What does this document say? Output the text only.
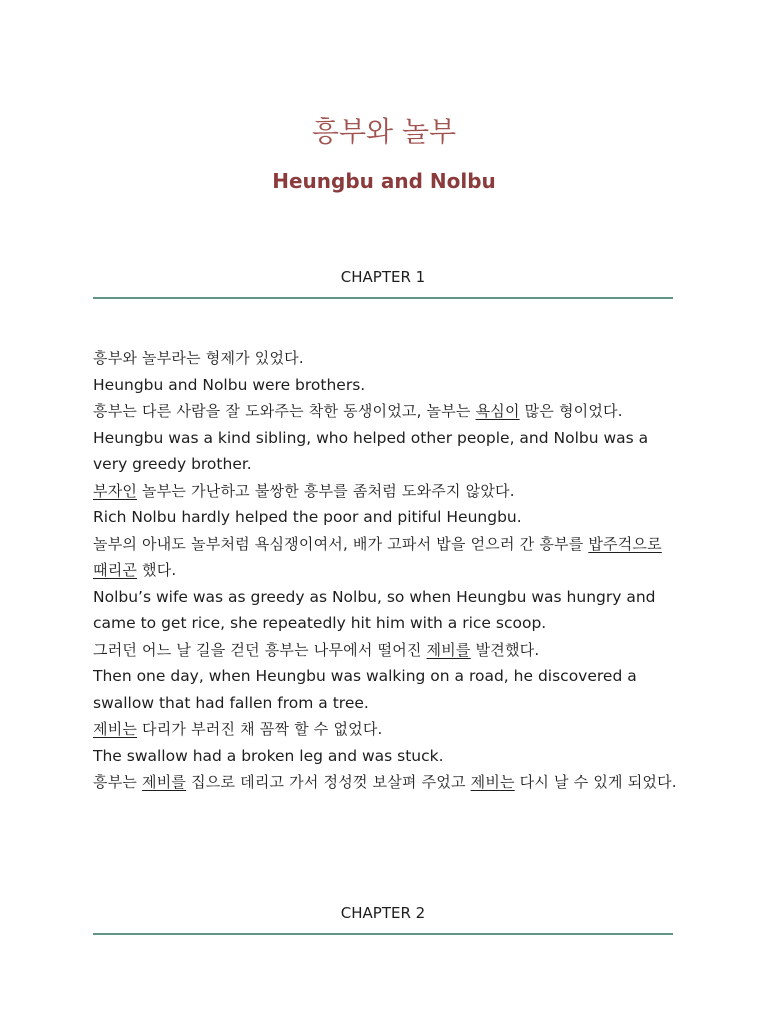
흥부와 놀부
Heungbu and Nolbu
CHAPTER 1
흥부와 놀부라는 형제가 있었다.
Heungbu and Nolbu were brothers.
흥부는 다른 사람을 잘 도와주는 착한 동생이었고, 놀부는 욕심이 많은 형이었다.
Heungbu was a kind sibling, who helped other people, and Nolbu was a very greedy brother.
부자인 놀부는 가난하고 불쌍한 흥부를 좀처럼 도와주지 않았다.
Rich Nolbu hardly helped the poor and pitiful Heungbu.
놀부의 아내도 놀부처럼 욕심쟁이여서, 배가 고파서 밥을 얻으러 간 흥부를 밥주걱으로 때리곤 했다.
Nolbu’s wife was as greedy as Nolbu, so when Heungbu was hungry and came to get rice, she repeatedly hit him with a rice scoop.
그러던 어느 날 길을 걷던 흥부는 나무에서 떨어진 제비를 발견했다.
Then one day, when Heungbu was walking on a road, he discovered a swallow that had fallen from a tree.
제비는 다리가 부러진 채 꼼짝 할 수 없었다.
The swallow had a broken leg and was stuck.
흥부는 제비를 집으로 데리고 가서 정성껏 보살펴 주었고 제비는 다시 날 수 있게 되었다.
CHAPTER 2
